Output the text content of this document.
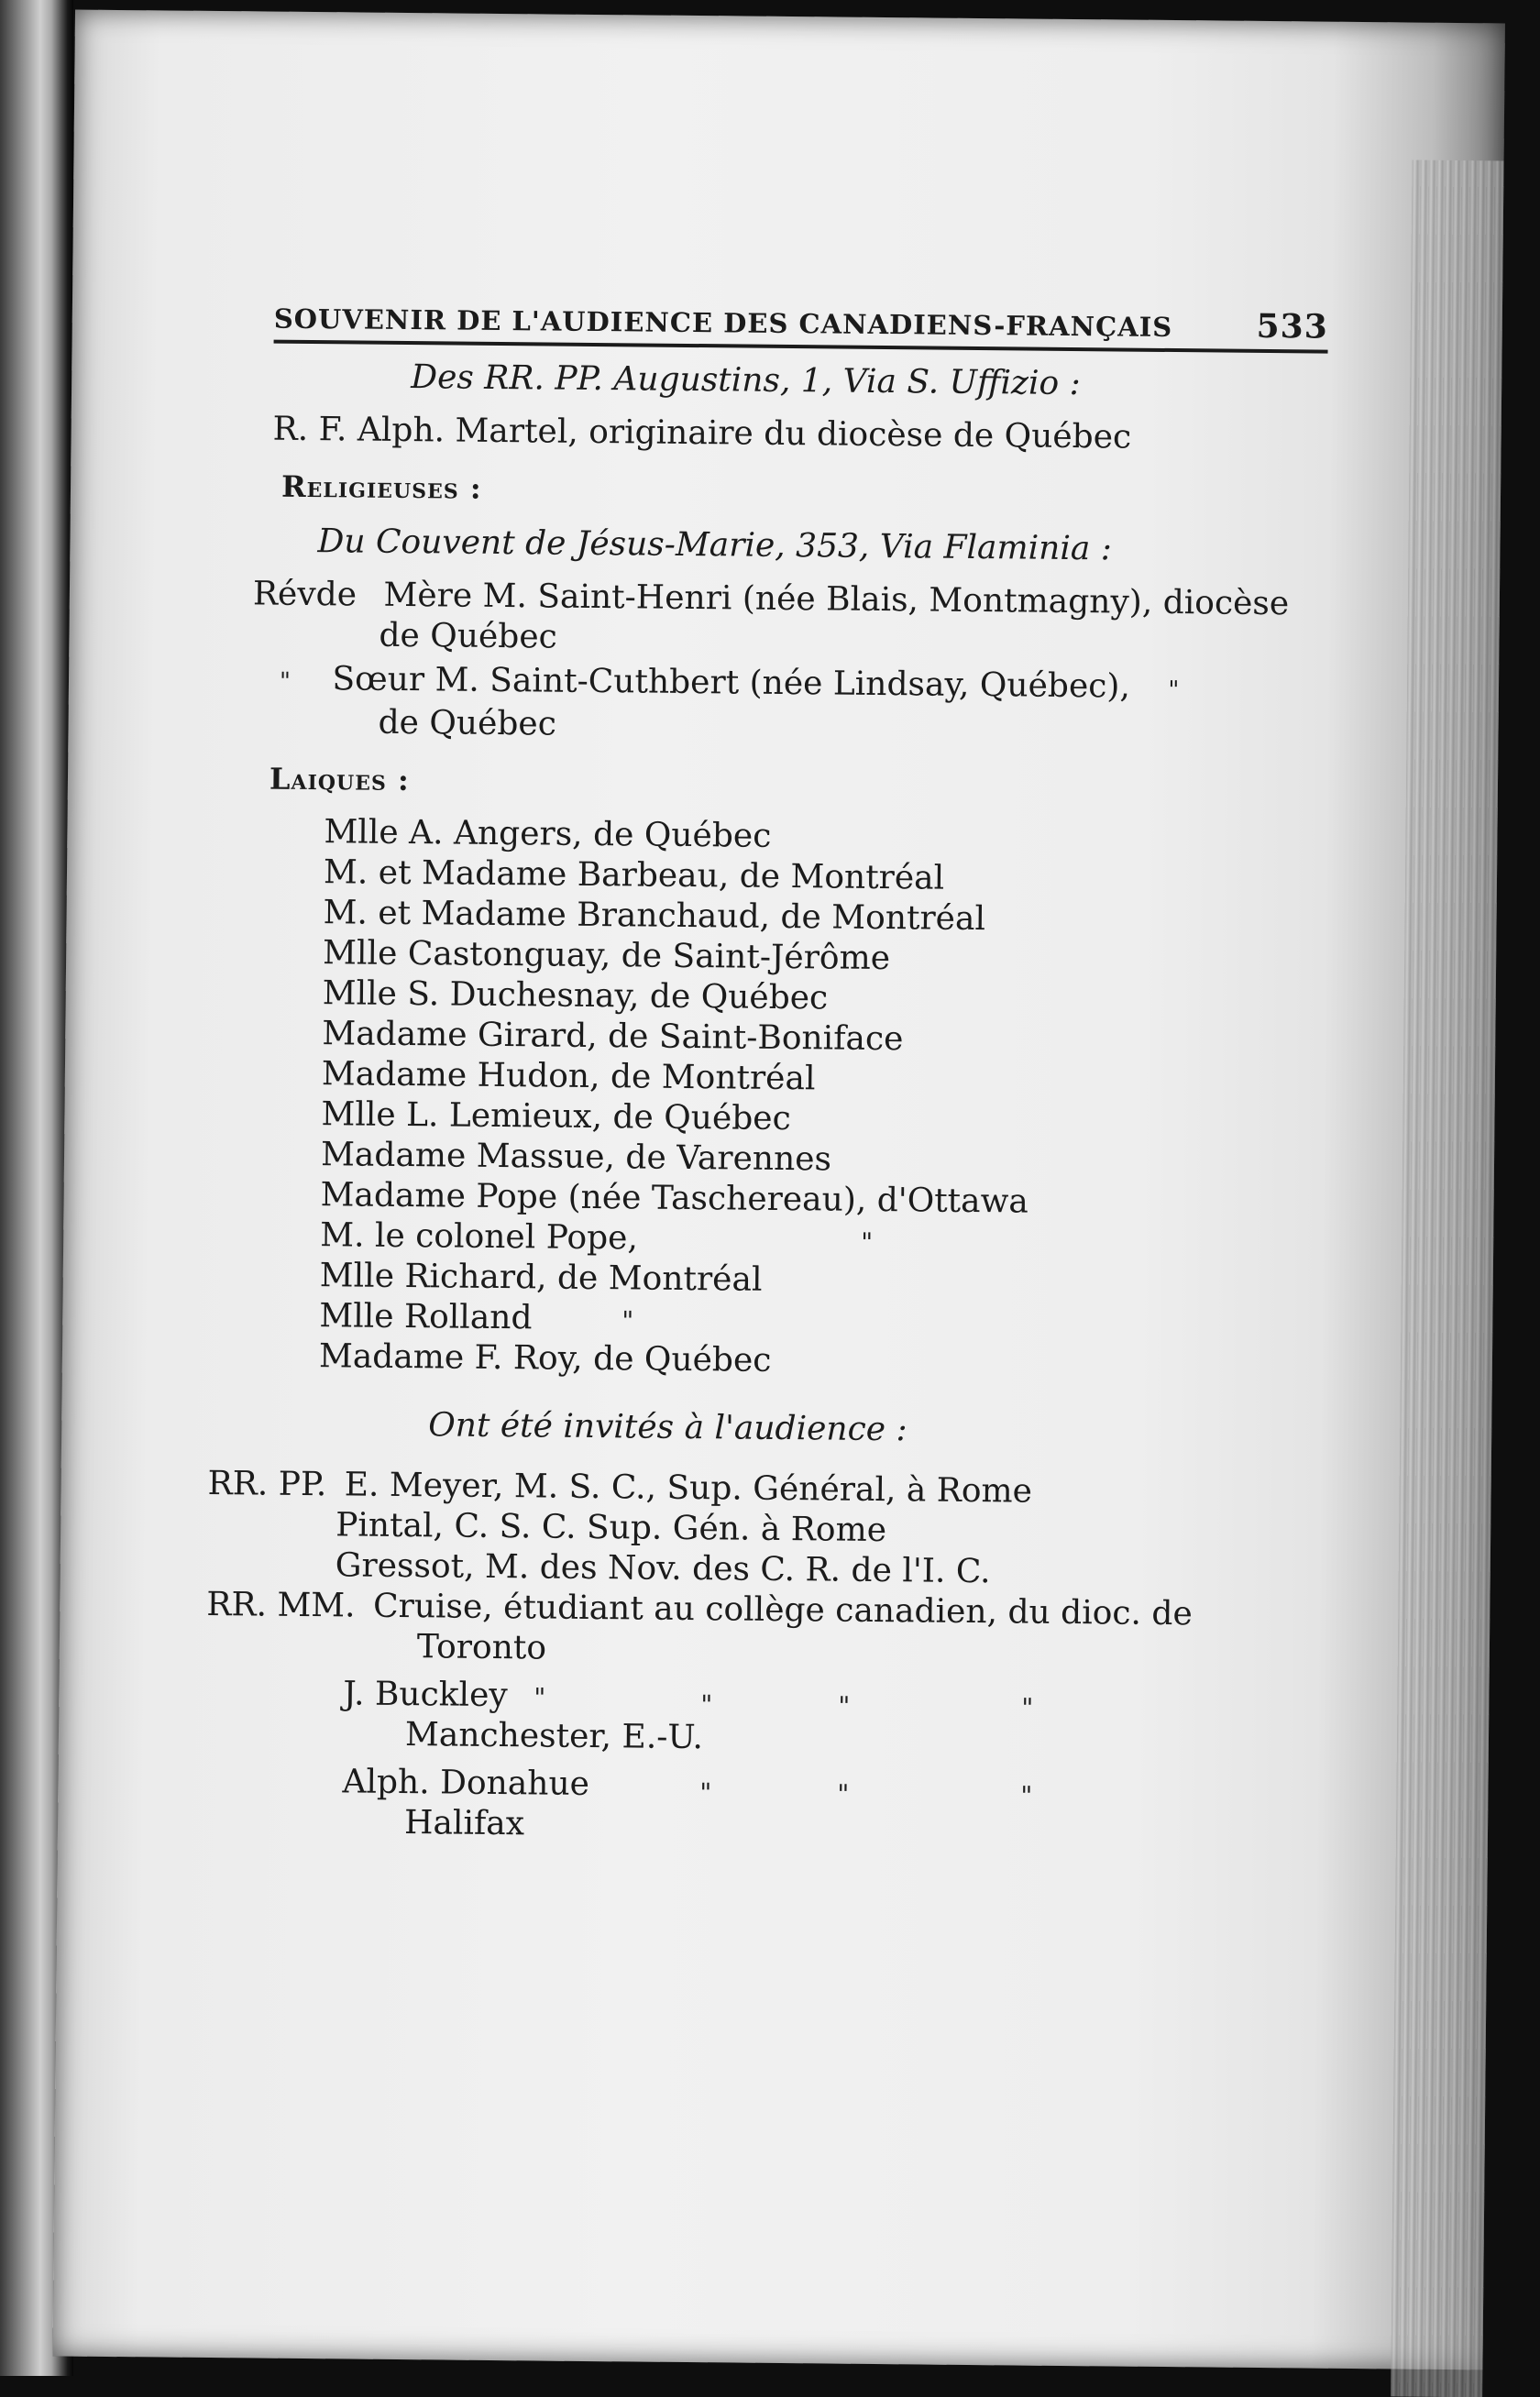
SOUVENIR DE L'AUDIENCE DES CANADIENS-FRANÇAIS	533
Des RR. PP. Augustins, 1, Via S. Uffizio :
R. F. Alph. Martel, originaire du diocèse de Québec
Religieuses :
Du Couvent de Jésus-Marie, 353, Via Flaminia :
Révde Mère M. Saint-Henri (née Blais, Montmagny), diocèse
de Québec
" Sœur M. Saint-Cuthbert (née Lindsay, Québec), "
de Québec
Laiques :
Mlle A. Angers, de Québec
M. et Madame Barbeau, de Montréal
M. et Madame Branchaud, de Montréal
Mlle Castonguay, de Saint-Jérôme
Mlle S. Duchesnay, de Québec
Madame Girard, de Saint-Boniface
Madame Hudon, de Montréal
Mlle L. Lemieux, de Québec
Madame Massue, de Varennes
Madame Pope (née Taschereau), d'Ottawa
M. le colonel Pope,	"
Mlle Richard, de Montréal
Mlle Rolland	"
Madame F. Roy, de Québec
Ont été invités à l'audience :
RR. PP. E. Meyer, M. S. C., Sup. Général, à Rome
Pintal, C. S. C. Sup. Gén. à Rome
Gressot, M. des Nov. des C. R. de l'I. C.
RR. MM. Cruise, étudiant au collège canadien, du dioc. de
Toronto
J. Buckley "	"	"	"
Manchester, E.-U.
Alph. Donahue	"	"	"
Halifax
